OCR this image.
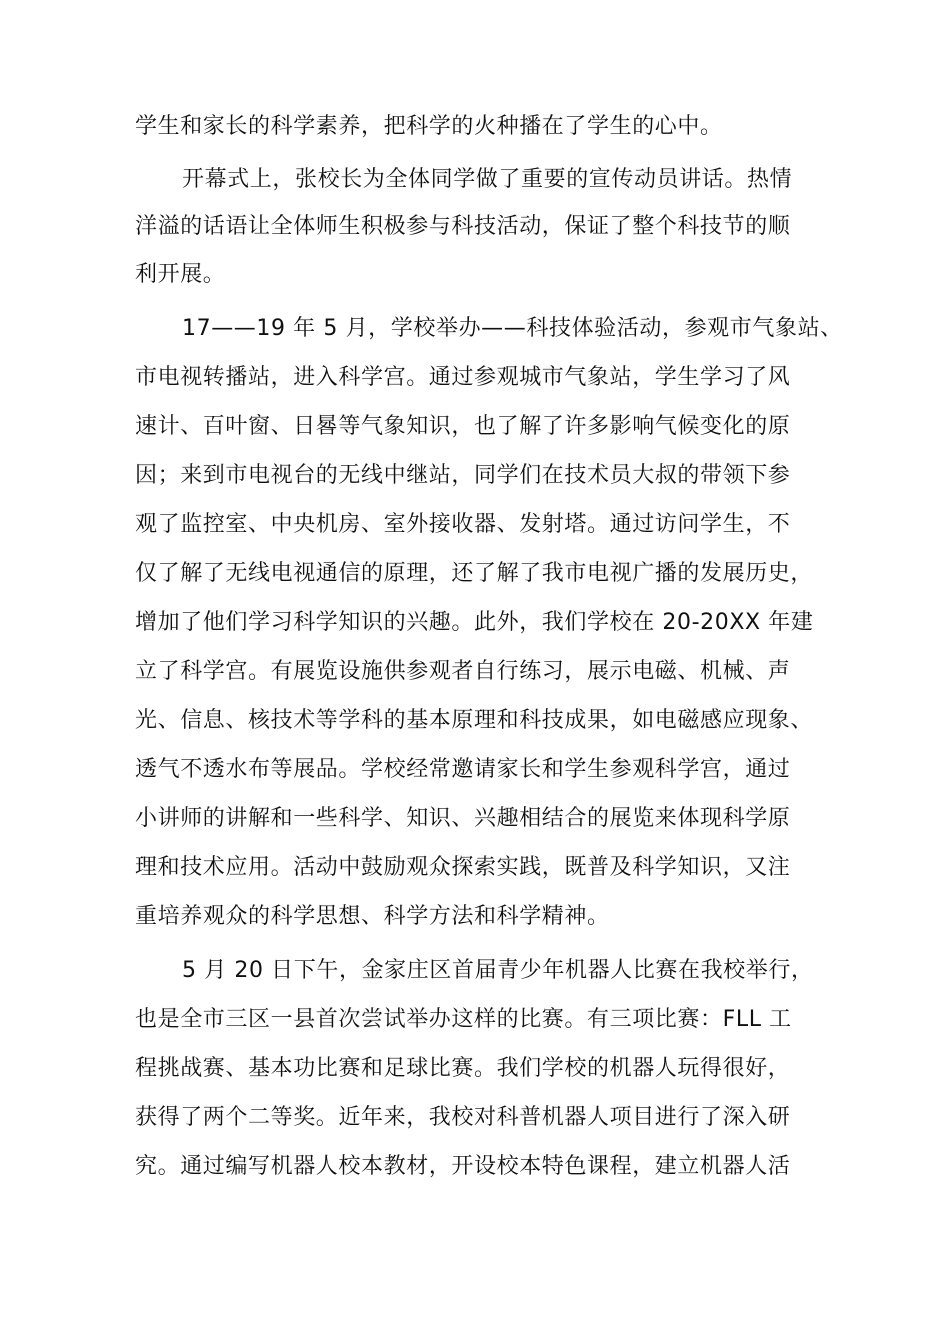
学生和家长的科学素养，把科学的火种播在了学生的心中。

开幕式上，张校长为全体同学做了重要的宣传动员讲话。热情

洋溢的话语让全体师生积极参与科技活动，保证了整个科技节的顺

利开展。

17——19 年 5 月，学校举办——科技体验活动，参观市气象站、

市电视转播站，进入科学宫。通过参观城市气象站，学生学习了风

速计、百叶窗、日晷等气象知识，也了解了许多影响气候变化的原

因；来到市电视台的无线中继站，同学们在技术员大叔的带领下参

观了监控室、中央机房、室外接收器、发射塔。通过访问学生，不

仅了解了无线电视通信的原理，还了解了我市电视广播的发展历史，

增加了他们学习科学知识的兴趣。此外，我们学校在 20-20XX 年建

立了科学宫。有展览设施供参观者自行练习，展示电磁、机械、声

光、信息、核技术等学科的基本原理和科技成果，如电磁感应现象、

透气不透水布等展品。学校经常邀请家长和学生参观科学宫，通过

小讲师的讲解和一些科学、知识、兴趣相结合的展览来体现科学原

理和技术应用。活动中鼓励观众探索实践，既普及科学知识，又注

重培养观众的科学思想、科学方法和科学精神。

5 月 20 日下午，金家庄区首届青少年机器人比赛在我校举行，

也是全市三区一县首次尝试举办这样的比赛。有三项比赛：FLL 工

程挑战赛、基本功比赛和足球比赛。我们学校的机器人玩得很好，

获得了两个二等奖。近年来，我校对科普机器人项目进行了深入研

究。通过编写机器人校本教材，开设校本特色课程，建立机器人活
